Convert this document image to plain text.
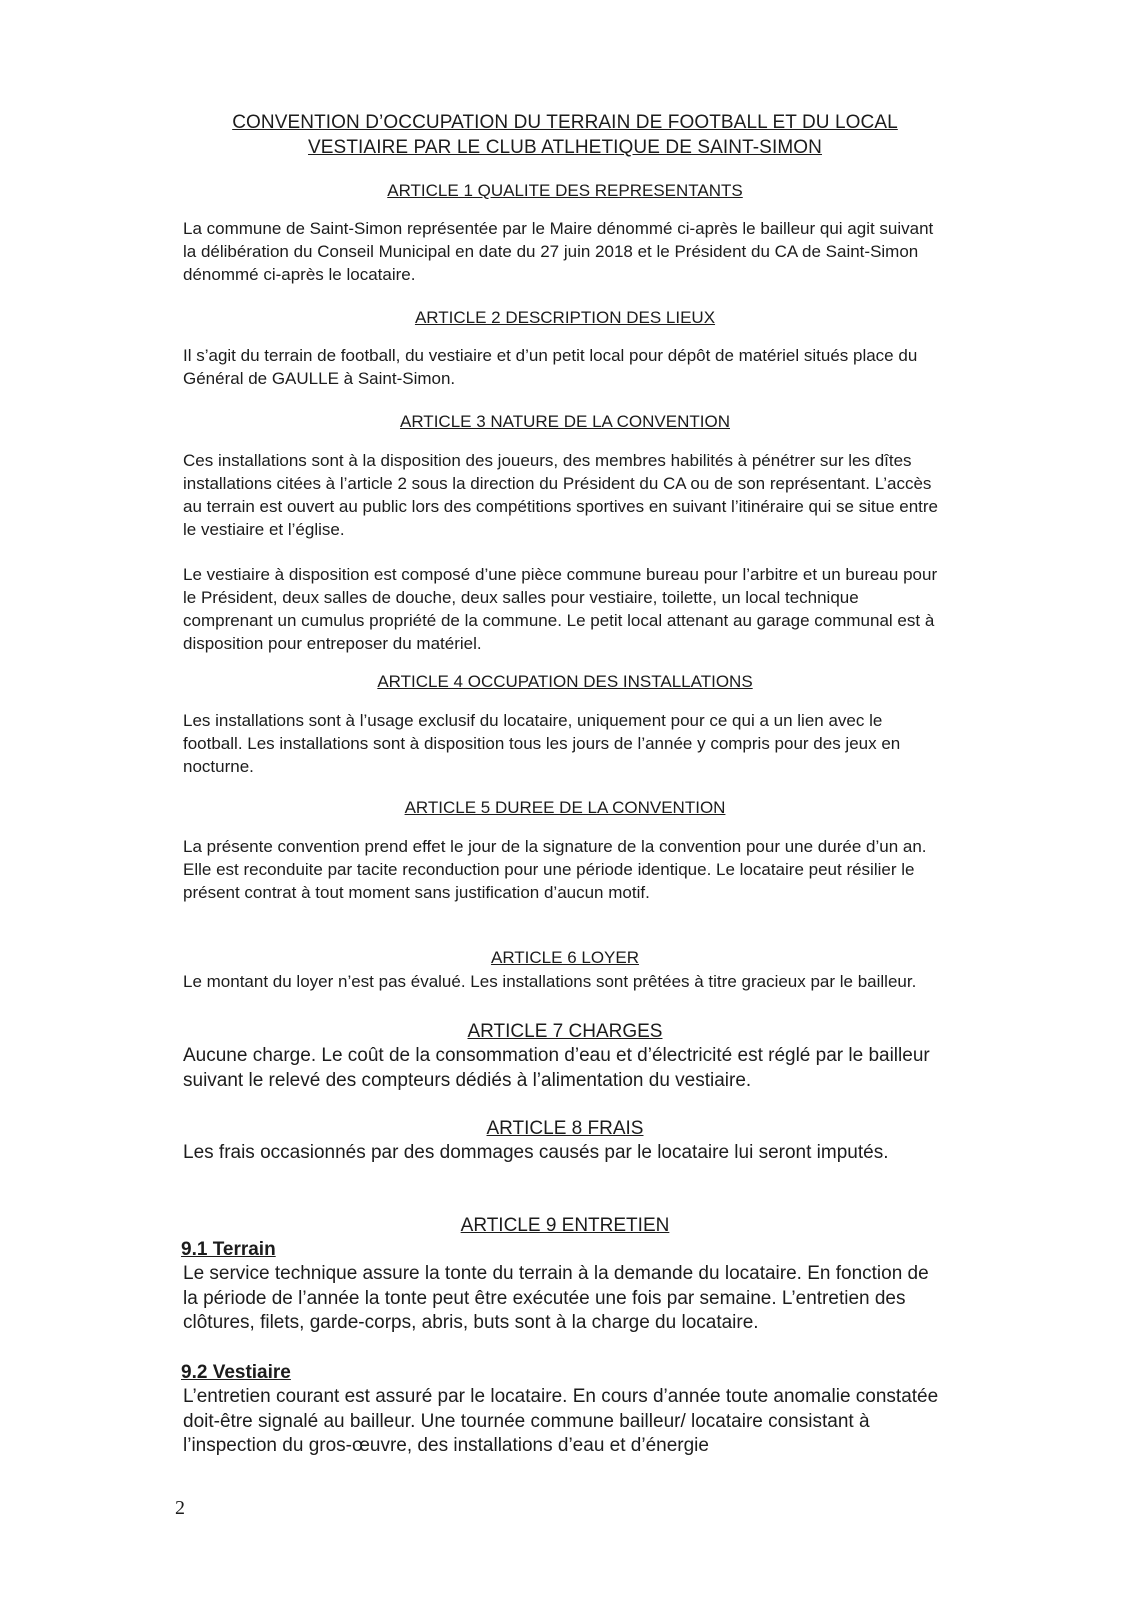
CONVENTION D’OCCUPATION DU TERRAIN DE FOOTBALL ET DU LOCAL
VESTIAIRE PAR LE CLUB ATLHETIQUE DE SAINT-SIMON
ARTICLE 1 QUALITE DES REPRESENTANTS

La commune de Saint-Simon représentée par le Maire dénommé ci-après le bailleur qui agit suivant la délibération du Conseil Municipal en date du 27 juin 2018 et le Président du CA de Saint-Simon dénommé ci-après le locataire.

ARTICLE 2 DESCRIPTION DES LIEUX

Il s’agit du terrain de football, du vestiaire et d’un petit local pour dépôt de matériel situés place du Général de GAULLE à Saint-Simon.

ARTICLE 3 NATURE DE LA CONVENTION

Ces installations sont à la disposition des joueurs, des membres habilités à pénétrer sur les dîtes installations citées à l’article 2 sous la direction du Président du CA ou de son représentant. L’accès au terrain est ouvert au public lors des compétitions sportives en suivant l’itinéraire qui se situe entre le vestiaire et l’église.

Le vestiaire à disposition est composé d’une pièce commune bureau pour l’arbitre et un bureau pour le Président, deux salles de douche, deux salles pour vestiaire, toilette, un local technique comprenant un cumulus propriété de la commune. Le petit local attenant au garage communal est à disposition pour entreposer du matériel.

ARTICLE 4 OCCUPATION DES INSTALLATIONS

Les installations sont à l’usage exclusif du locataire, uniquement pour ce qui a un lien avec le football. Les installations sont à disposition tous les jours de l’année y compris pour des jeux en nocturne.

ARTICLE 5 DUREE DE LA CONVENTION

La présente convention prend effet le jour de la signature de la convention pour une durée d’un an. Elle est reconduite par tacite reconduction pour une période identique. Le locataire peut résilier le présent contrat à tout moment sans justification d’aucun motif.

ARTICLE 6 LOYER

Le montant du loyer n’est pas évalué. Les installations sont prêtées à titre gracieux par le bailleur.

ARTICLE 7 CHARGES

Aucune charge. Le coût de la consommation d’eau et d’électricité est réglé par le bailleur suivant le relevé des compteurs dédiés à l’alimentation du vestiaire.

ARTICLE 8 FRAIS

Les frais occasionnés par des dommages causés par le locataire lui seront imputés.

ARTICLE 9 ENTRETIEN
9.1 Terrain

Le service technique assure la tonte du terrain à la demande du locataire. En fonction de la période de l’année la tonte peut être exécutée une fois par semaine. L’entretien des clôtures, filets, garde-corps, abris, buts sont à la charge du locataire.

9.2 Vestiaire

L’entretien courant est assuré par le locataire. En cours d’année toute anomalie constatée doit-être signalé au bailleur. Une tournée commune bailleur/ locataire consistant à l’inspection du gros-œuvre, des installations d’eau et d’énergie

2
